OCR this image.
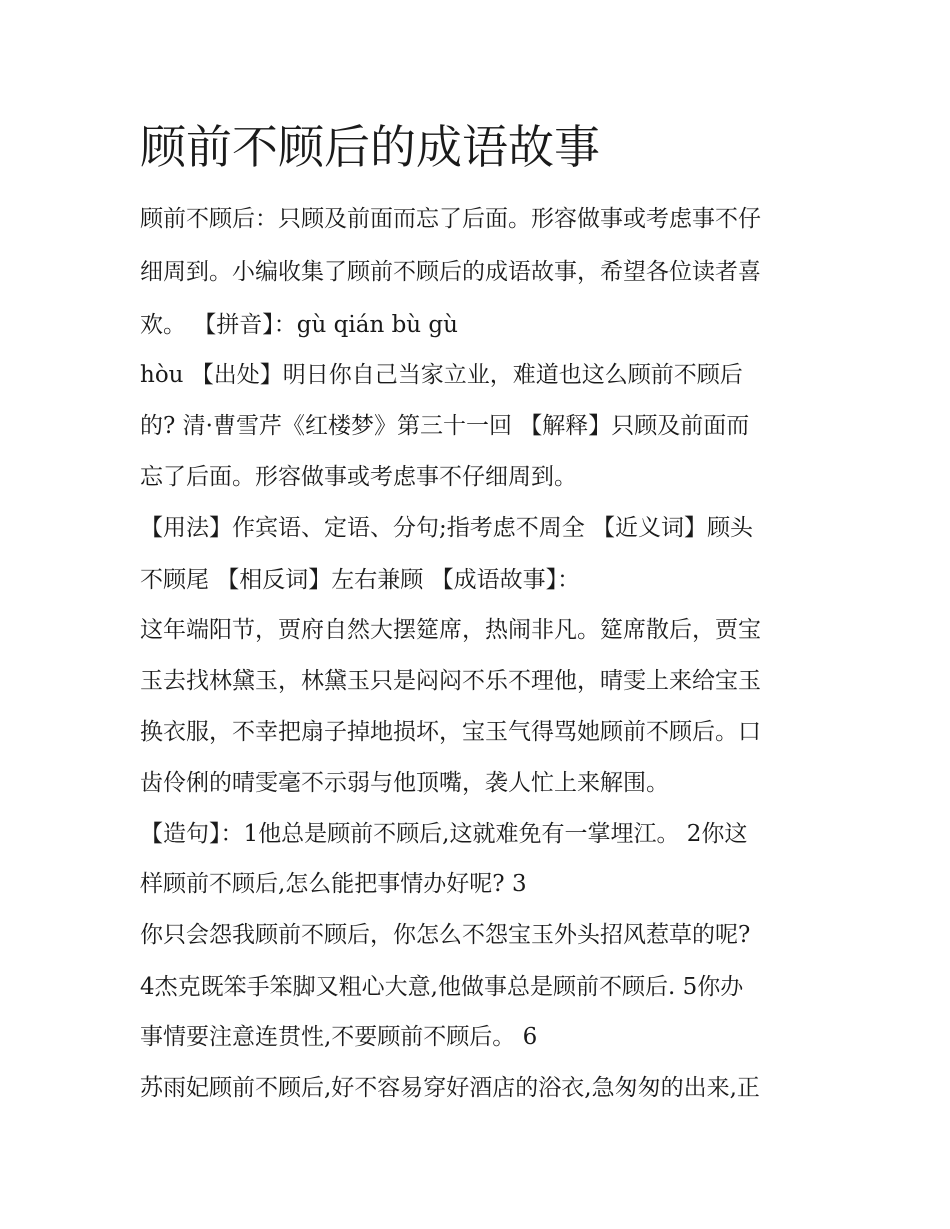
顾前不顾后的成语故事

顾前不顾后：只顾及前面而忘了后面。形容做事或考虑事不仔

细周到。小编收集了顾前不顾后的成语故事，希望各位读者喜

欢。 【拼音】：gù qián bù gù

hòu 【出处】明日你自己当家立业，难道也这么顾前不顾后

的? 清·曹雪芹《红楼梦》第三十一回 【解释】只顾及前面而

忘了后面。形容做事或考虑事不仔细周到。

【用法】作宾语、定语、分句;指考虑不周全 【近义词】顾头

不顾尾 【相反词】左右兼顾 【成语故事】：

这年端阳节，贾府自然大摆筵席，热闹非凡。筵席散后，贾宝

玉去找林黛玉，林黛玉只是闷闷不乐不理他，晴雯上来给宝玉

换衣服，不幸把扇子掉地损坏，宝玉气得骂她顾前不顾后。口

齿伶俐的晴雯毫不示弱与他顶嘴，袭人忙上来解围。

【造句】：1他总是顾前不顾后,这就难免有一掌埋江。 2你这

样顾前不顾后,怎么能把事情办好呢? 3

你只会怨我顾前不顾后，你怎么不怨宝玉外头招风惹草的呢?

4杰克既笨手笨脚又粗心大意,他做事总是顾前不顾后. 5你办

事情要注意连贯性,不要顾前不顾后。 6

苏雨妃顾前不顾后,好不容易穿好酒店的浴衣,急匆匆的出来,正
